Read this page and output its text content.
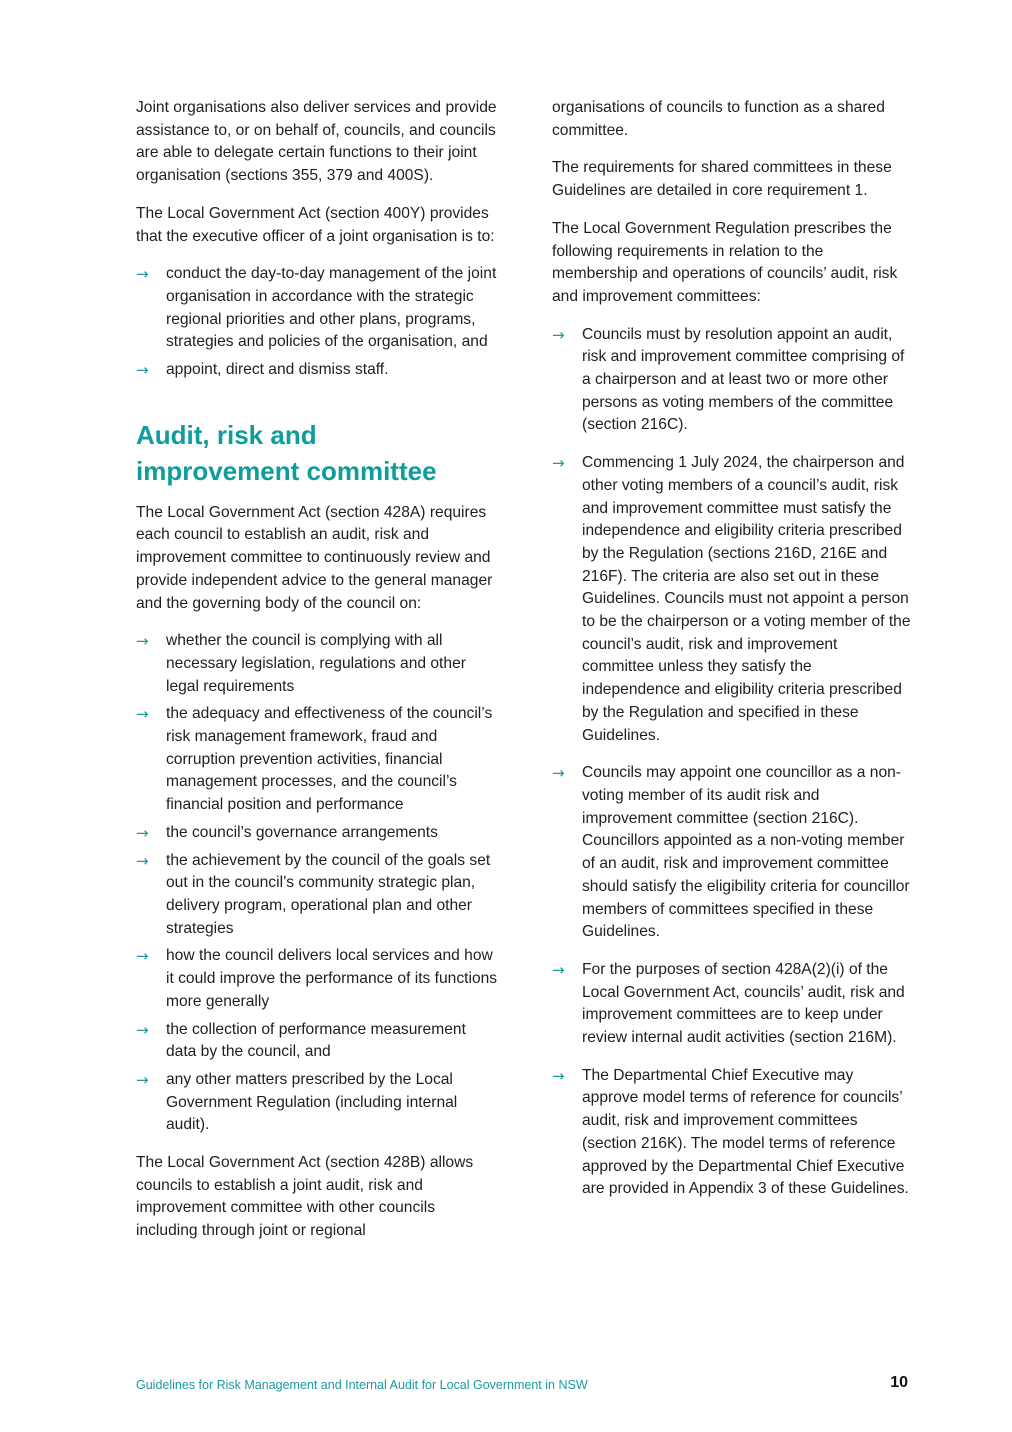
Joint organisations also deliver services and provide assistance to, or on behalf of, councils, and councils are able to delegate certain functions to their joint organisation (sections 355, 379 and 400S).

The Local Government Act (section 400Y) provides that the executive officer of a joint organisation is to:

→ conduct the day-to-day management of the joint organisation in accordance with the strategic regional priorities and other plans, programs, strategies and policies of the organisation, and
→ appoint, direct and dismiss staff.
Audit, risk and improvement committee

The Local Government Act (section 428A) requires each council to establish an audit, risk and improvement committee to continuously review and provide independent advice to the general manager and the governing body of the council on:

→ whether the council is complying with all necessary legislation, regulations and other legal requirements
→ the adequacy and effectiveness of the council’s risk management framework, fraud and corruption prevention activities, financial management processes, and the council’s financial position and performance
→ the council’s governance arrangements
→ the achievement by the council of the goals set out in the council’s community strategic plan, delivery program, operational plan and other strategies
→ how the council delivers local services and how it could improve the performance of its functions more generally
→ the collection of performance measurement data by the council, and
→ any other matters prescribed by the Local Government Regulation (including internal audit).

The Local Government Act (section 428B) allows councils to establish a joint audit, risk and improvement committee with other councils including through joint or regional

organisations of councils to function as a shared committee.

The requirements for shared committees in these Guidelines are detailed in core requirement 1.

The Local Government Regulation prescribes the following requirements in relation to the membership and operations of councils’ audit, risk and improvement committees:

→ Councils must by resolution appoint an audit, risk and improvement committee comprising of a chairperson and at least two or more other persons as voting members of the committee (section 216C).
→ Commencing 1 July 2024, the chairperson and other voting members of a council’s audit, risk and improvement committee must satisfy the independence and eligibility criteria prescribed by the Regulation (sections 216D, 216E and 216F). The criteria are also set out in these Guidelines. Councils must not appoint a person to be the chairperson or a voting member of the council’s audit, risk and improvement committee unless they satisfy the independence and eligibility criteria prescribed by the Regulation and specified in these Guidelines.
→ Councils may appoint one councillor as a non-voting member of its audit risk and improvement committee (section 216C). Councillors appointed as a non-voting member of an audit, risk and improvement committee should satisfy the eligibility criteria for councillor members of committees specified in these Guidelines.
→ For the purposes of section 428A(2)(i) of the Local Government Act, councils’ audit, risk and improvement committees are to keep under review internal audit activities (section 216M).
→ The Departmental Chief Executive may approve model terms of reference for councils’ audit, risk and improvement committees (section 216K). The model terms of reference approved by the Departmental Chief Executive are provided in Appendix 3 of these Guidelines.
Guidelines for Risk Management and Internal Audit for Local Government in NSW	10
